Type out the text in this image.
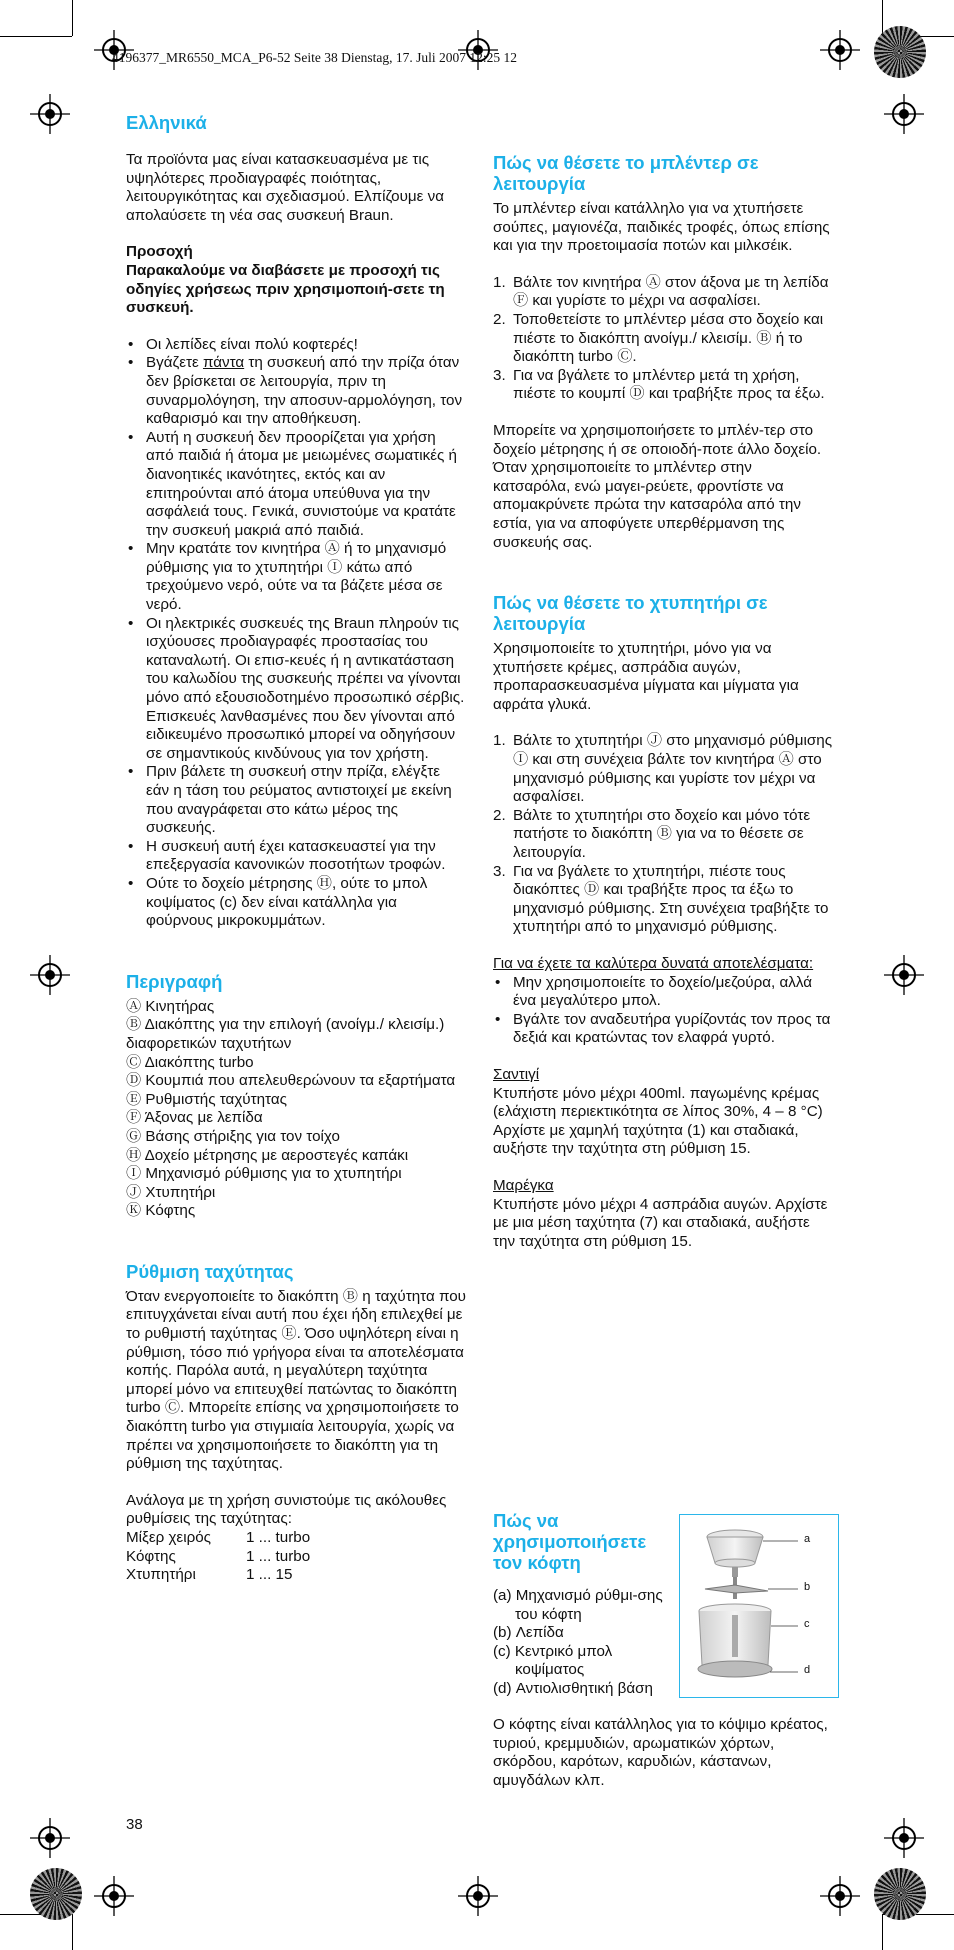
4196377_MR6550_MCA_P6-52 Seite 38 Dienstag, 17. Juli 2007 12:25 12
Ελληνικά

Τα προϊόντα μας είναι κατασκευασμένα με τις υψηλότερες προδιαγραφές ποιότητας, λειτουργικότητας και σχεδιασμού. Ελπίζουμε να απολαύσετε τη νέα σας συσκευή Braun.

Προσοχή

Παρακαλούμε να διαβάσετε με προσοχή τις οδηγίες χρήσεως πριν χρησιμοποιή-σετε τη συσκευή.

• Οι λεπίδες είναι πολύ κοφτερές!
• Βγάζετε πάντα τη συσκευή από την πρίζα όταν δεν βρίσκεται σε λειτουργία, πριν τη συναρμολόγηση, την αποσυν-αρμολόγηση, τον καθαρισμό και την αποθήκευση.
• Αυτή η συσκευή δεν προορίζεται για χρήση από παιδιά ή άτομα με μειωμένες σωματικές ή διανοητικές ικανότητες, εκτός και αν επιτηρούνται από άτομα υπεύθυνα για την ασφάλειά τους. Γενικά, συνιστούμε να κρατάτε την συσκευή μακριά από παιδιά.
• Μην κρατάτε τον κινητήρα Ⓐ ή το μηχανισμό ρύθμισης για το χτυπητήρι Ⓘ κάτω από τρεχούμενο νερό, ούτε να τα βάζετε μέσα σε νερό.
• Οι ηλεκτρικές συσκευές της Braun πληρούν τις ισχύουσες προδιαγραφές προστασίας του καταναλωτή. Οι επισ-κευές ή η αντικατάσταση του καλωδίου της συσκευής πρέπει να γίνονται μόνο από εξουσιοδοτημένο προσωπικό σέρβις. Επισκευές λανθασμένες που δεν γίνονται από ειδικευμένο προσωπικό μπορεί να οδηγήσουν σε σημαντικούς κινδύνους για τον χρήστη.
• Πριν βάλετε τη συσκευή στην πρίζα, ελέγξτε εάν η τάση του ρεύματος αντιστοιχεί με εκείνη που αναγράφεται στο κάτω μέρος της συσκευής.
• Η συσκευή αυτή έχει κατασκευαστεί για την επεξεργασία κανονικών ποσοτήτων τροφών.
• Ούτε το δοχείο μέτρησης Ⓗ, ούτε το μπολ κοψίματος (c) δεν είναι κατάλληλα για φούρνους μικροκυμμάτων.
Περιγραφή
Ⓐ Κινητήρας
Ⓑ Διακόπτης για την επιλογή (ανοίγμ./ κλεισίμ.) διαφορετικών ταχυτήτων
Ⓒ Διακόπτης turbo
Ⓓ Κουμπιά που απελευθερώνουν τα εξαρτήματα
Ⓔ Ρυθμιστής ταχύτητας
Ⓕ Άξονας με λεπίδα
Ⓖ Βάσης στήριξης για τον τοίχο
Ⓗ Δοχείο μέτρησης με αεροστεγές καπάκι
Ⓘ Μηχανισμό ρύθμισης για το χτυπητήρι
Ⓙ Χτυπητήρι
Ⓚ Κόφτης
Ρύθμιση ταχύτητας

Όταν ενεργοποιείτε το διακόπτη Ⓑ η ταχύτητα που επιτυγχάνεται είναι αυτή που έχει ήδη επιλεχθεί με το ρυθμιστή ταχύτητας Ⓔ. Όσο υψηλότερη είναι η ρύθμιση, τόσο πιό γρήγορα είναι τα αποτελέσματα κοπής. Παρόλα αυτά, η μεγαλύτερη ταχύτητα μπορεί μόνο να επιτευχθεί πατώντας το διακόπτη turbo Ⓒ. Μπορείτε επίσης να χρησιμοποιήσετε το διακόπτη turbo για στιγμιαία λειτουργία, χωρίς να πρέπει να χρησιμοποιήσετε το διακόπτη για τη ρύθμιση της ταχύτητας.

Ανάλογα με τη χρήση συνιστούμε τις ακόλουθες ρυθμίσεις της ταχύτητας:

Μίξερ χειρός	1 ... turbo
Κόφτης	1 ... turbo
Χτυπητήρι	1 ... 15
38
Πώς να θέσετε το μπλέντερ σε λειτουργία

Το μπλέντερ είναι κατάλληλο για να χτυπήσετε σούπες, μαγιονέζα, παιδικές τροφές, όπως επίσης και για την προετοιμασία ποτών και μιλκσέικ.

1. Βάλτε τον κινητήρα Ⓐ στον άξονα με τη λεπίδα Ⓕ και γυρίστε το μέχρι να ασφαλίσει.
2. Τοποθετείστε το μπλέντερ μέσα στο δοχείο και πιέστε το διακόπτη ανοίγμ./ κλεισίμ. Ⓑ ή το διακόπτη turbo Ⓒ.
3. Για να βγάλετε το μπλέντερ μετά τη χρήση, πιέστε το κουμπί Ⓓ και τραβήξτε προς τα έξω.

Μπορείτε να χρησιμοποιήσετε το μπλέν-τερ στο δοχείο μέτρησης ή σε οποιοδή-ποτε άλλο δοχείο. Όταν χρησιμοποιείτε το μπλέντερ στην κατσαρόλα, ενώ μαγει-ρεύετε, φροντίστε να απομακρύνετε πρώτα την κατσαρόλα από την εστία, για να αποφύγετε υπερθέρμανση της συσκευής σας.

Πώς να θέσετε το χτυπητήρι σε λειτουργία

Χρησιμοποιείτε το χτυπητήρι, μόνο για να χτυπήσετε κρέμες, ασπράδια αυγών, προπαρασκευασμένα μίγματα και μίγματα για αφράτα γλυκά.

1. Βάλτε το χτυπητήρι Ⓙ στο μηχανισμό ρύθμισης Ⓘ και στη συνέχεια βάλτε τον κινητήρα Ⓐ στο μηχανισμό ρύθμισης και γυρίστε τον μέχρι να ασφαλίσει.
2. Βάλτε το χτυπητήρι στο δοχείο και μόνο τότε πατήστε το διακόπτη Ⓑ για να το θέσετε σε λειτουργία.
3. Για να βγάλετε το χτυπητήρι, πιέστε τους διακόπτες Ⓓ και τραβήξτε προς τα έξω το μηχανισμό ρύθμισης. Στη συνέχεια τραβήξτε το χτυπητήρι από το μηχανισμό ρύθμισης.

Για να έχετε τα καλύτερα δυνατά αποτελέσματα:

• Μην χρησιμοποιείτε το δοχείο/μεζούρα, αλλά ένα μεγαλύτερο μπολ.
• Βγάλτε τον αναδευτήρα γυρίζοντάς τον προς τα δεξιά και κρατώντας τον ελαφρά γυρτό.

Σαντιγί

Κτυπήστε μόνο μέχρι 400ml. παγωμένης κρέμας (ελάχιστη περιεκτικότητα σε λίπος 30%, 4 – 8 °C)

Αρχίστε με χαμηλή ταχύτητα (1) και σταδιακά, αυξήστε την ταχύτητα στη ρύθμιση 15.

Μαρέγκα

Κτυπήστε μόνο μέχρι 4 ασπράδια αυγών. Αρχίστε με μια μέση ταχύτητα (7) και σταδιακά, αυξήστε την ταχύτητα στη ρύθμιση 15.

Πώς να χρησιμοποιήσετε τον κόφτη
(a) Μηχανισμό ρύθμι-σης του κόφτη
(b) Λεπίδα
(c) Κεντρικό μπολ κοψίματος
(d) Αντιολισθητική βάση
a
b
c
d

Ο κόφτης είναι κατάλληλος για το κόψιμο κρέατος, τυριού, κρεμμυδιών, αρωματικών χόρτων, σκόρδου, καρότων, καρυδιών, κάστανων, αμυγδάλων κλπ.
